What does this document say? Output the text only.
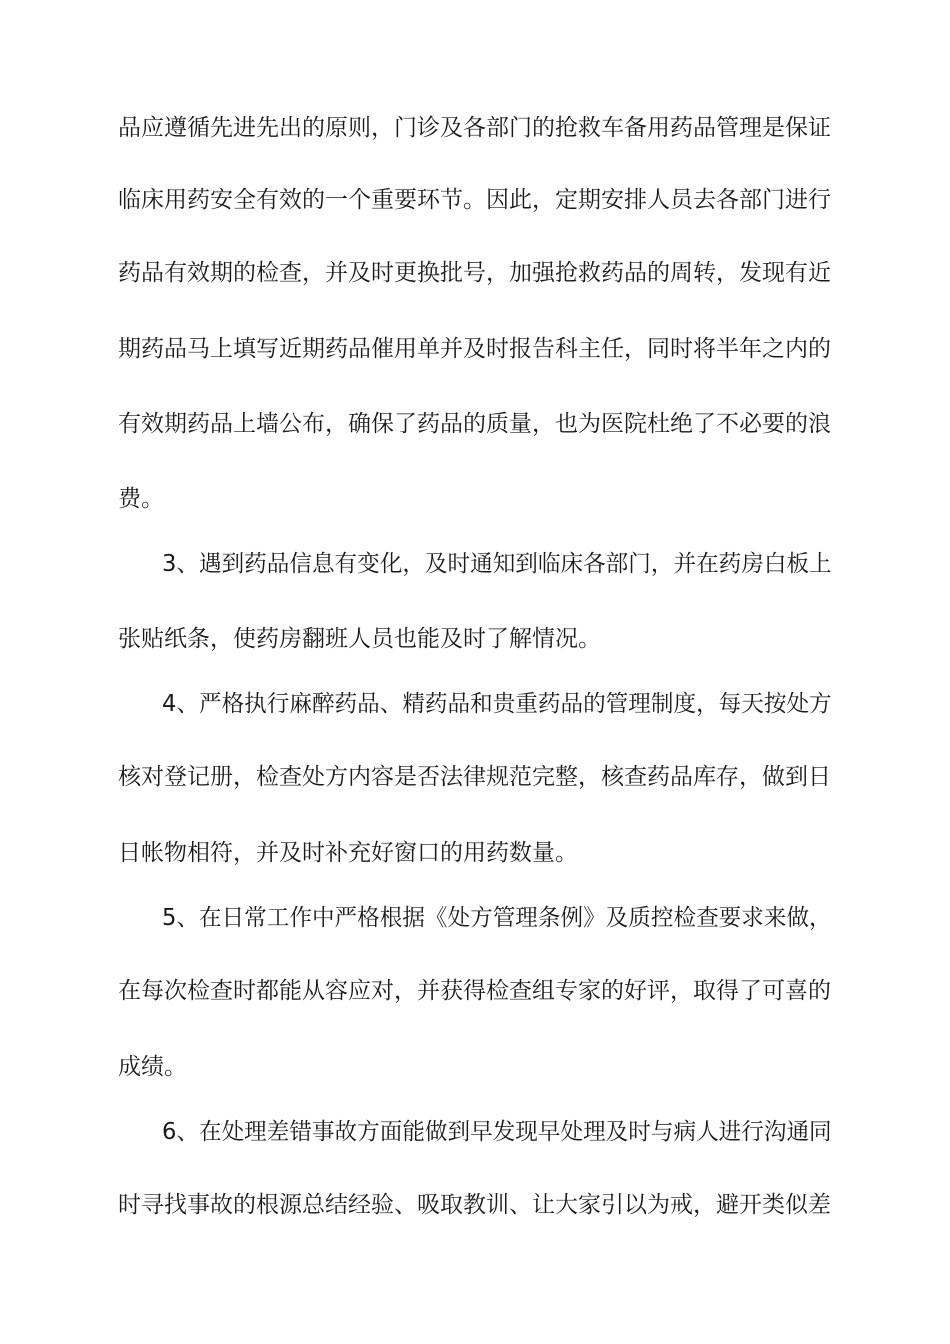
品应遵循先进先出的原则，门诊及各部门的抢救车备用药品管理是保证
临床用药安全有效的一个重要环节。因此，定期安排人员去各部门进行
药品有效期的检查，并及时更换批号，加强抢救药品的周转，发现有近
期药品马上填写近期药品催用单并及时报告科主任，同时将半年之内的
有效期药品上墙公布，确保了药品的质量，也为医院杜绝了不必要的浪
费。
3、遇到药品信息有变化，及时通知到临床各部门，并在药房白板上
张贴纸条，使药房翻班人员也能及时了解情况。
4、严格执行麻醉药品、精药品和贵重药品的管理制度，每天按处方
核对登记册，检查处方内容是否法律规范完整，核查药品库存，做到日
日帐物相符，并及时补充好窗口的用药数量。
5、在日常工作中严格根据《处方管理条例》及质控检查要求来做，
在每次检查时都能从容应对，并获得检查组专家的好评，取得了可喜的
成绩。
6、在处理差错事故方面能做到早发现早处理及时与病人进行沟通同
时寻找事故的根源总结经验、吸取教训、让大家引以为戒，避开类似差
